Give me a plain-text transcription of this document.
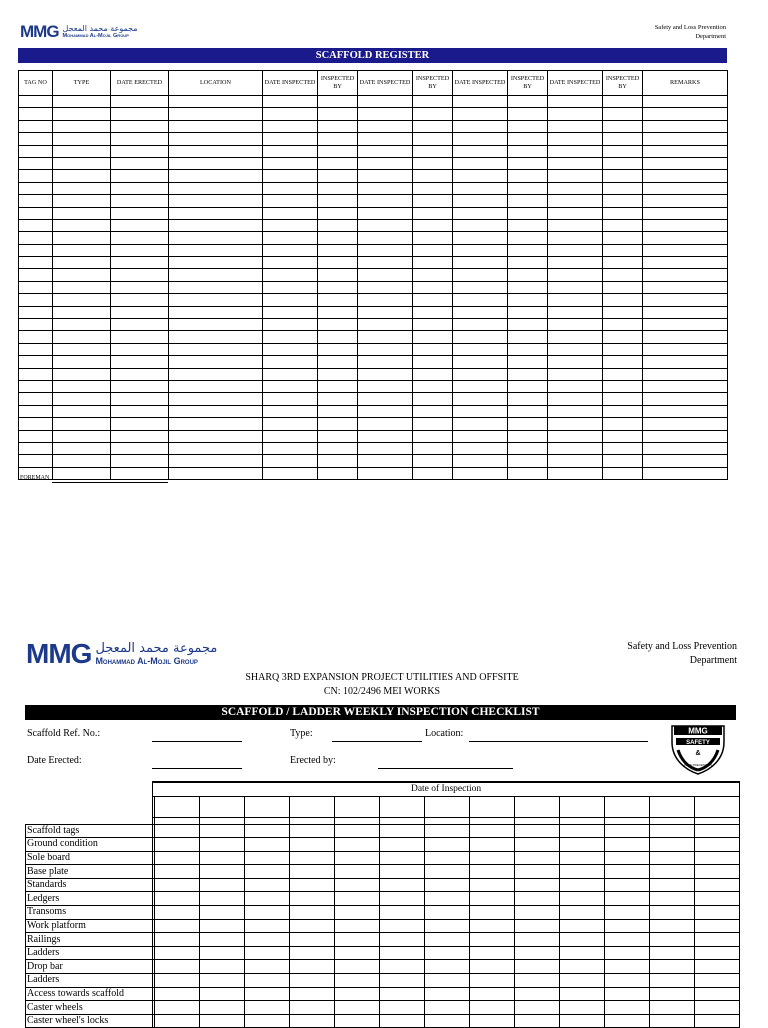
MMG مجموعة محمد المعجل
Mohammad Al-Mojil Group
Safety and Loss Prevention
Department
SCAFFOLD REGISTER
TAG NO	TYPE	DATE ERECTED	LOCATION	DATE INSPECTED	INSPECTED BY	DATE INSPECTED	INSPECTED BY	DATE INSPECTED	INSPECTED BY	DATE INSPECTED	INSPECTED BY	REMARKS

FOREMAN
MMG مجموعة محمد المعجل
Mohammad Al-Mojil Group
Safety and Loss Prevention
Department
SHARQ 3RD EXPANSION PROJECT UTILITIES AND OFFSITE
CN: 102/2496 MEI WORKS
SCAFFOLD / LADDER WEEKLY INSPECTION CHECKLIST
MMG
SAFETY
&
LOSS PREVENTION
Scaffold Ref. No.:	Type:	Location:
Date Erected:	Erected by:
	Date of Inspection													

Scaffold tags														
Ground condition														
Sole board														
Base plate														
Standards														
Ledgers														
Transoms														
Work platform														
Railings														
Ladders														
Drop bar														
Ladders														
Access towards scaffold														
Caster wheels														
Caster wheel's locks														
